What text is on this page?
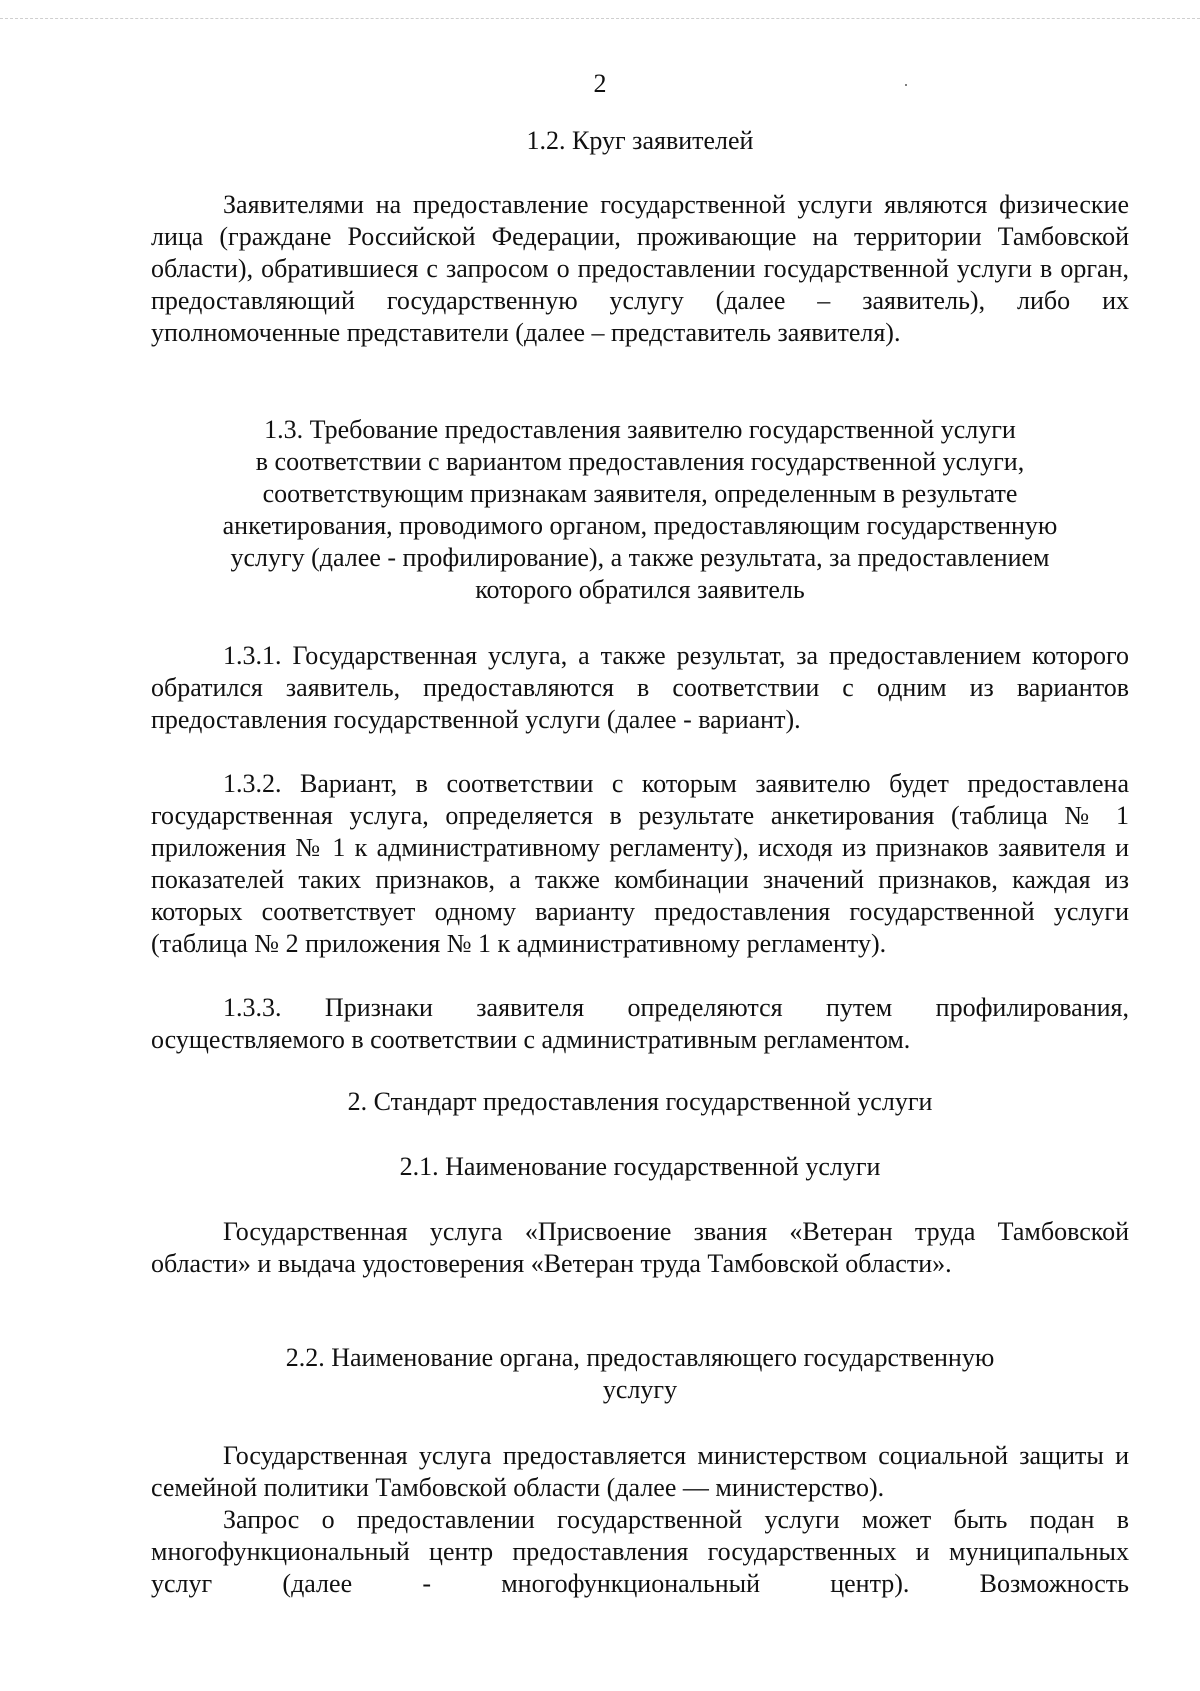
2
1.2. Круг заявителей
Заявителями на предоставление государственной услуги являются физические лица (граждане Российской Федерации, проживающие на территории Тамбовской области), обратившиеся с запросом о предоставлении государственной услуги в орган, предоставляющий государственную услугу (далее – заявитель), либо их уполномоченные представители (далее – представитель заявителя).
1.3. Требование предоставления заявителю государственной услуги
в соответствии с вариантом предоставления государственной услуги,
соответствующим признакам заявителя, определенным в результате
анкетирования, проводимого органом, предоставляющим государственную
услугу (далее - профилирование), а также результата, за предоставлением
которого обратился заявитель
1.3.1. Государственная услуга, а также результат, за предоставлением которого обратился заявитель, предоставляются в соответствии с одним из вариантов предоставления государственной услуги (далее - вариант).
1.3.2. Вариант, в соответствии с которым заявителю будет предоставлена государственная услуга, определяется в результате анкетирования (таблица № 1 приложения № 1 к административному регламенту), исходя из признаков заявителя и показателей таких признаков, а также комбинации значений признаков, каждая из которых соответствует одному варианту предоставления государственной услуги (таблица № 2 приложения № 1 к административному регламенту).
1.3.3. Признаки заявителя определяются путем профилирования, осуществляемого в соответствии с административным регламентом.
2. Стандарт предоставления государственной услуги
2.1. Наименование государственной услуги
Государственная услуга «Присвоение звания «Ветеран труда Тамбовской области» и выдача удостоверения «Ветеран труда Тамбовской области».
2.2. Наименование органа, предоставляющего государственную
услугу
Государственная услуга предоставляется министерством социальной защиты и семейной политики Тамбовской области (далее — министерство).
Запрос о предоставлении государственной услуги может быть подан в многофункциональный центр предоставления государственных и муниципальных услуг (далее - многофункциональный центр). Возможность
